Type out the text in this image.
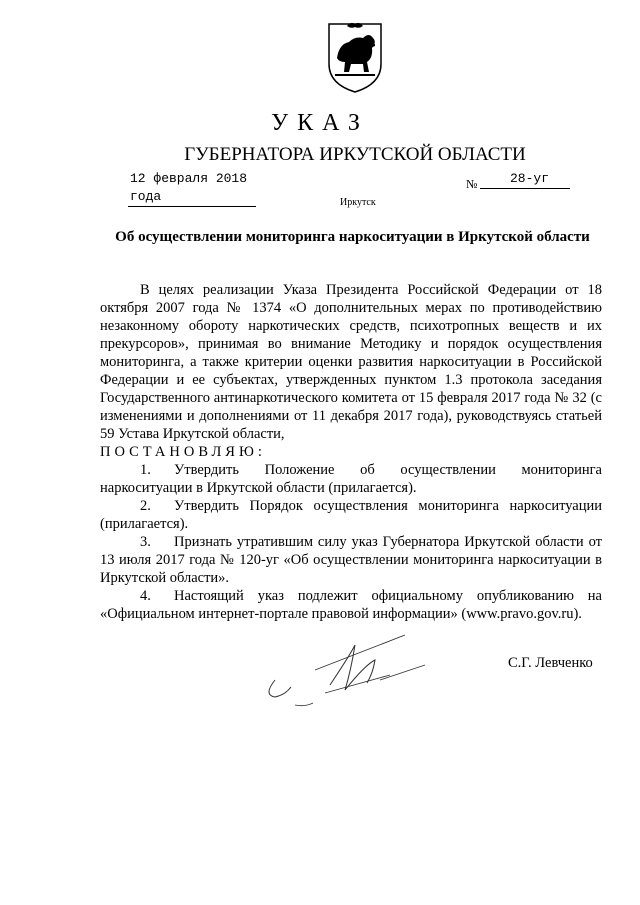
УКАЗ
ГУБЕРНАТОРА ИРКУТСКОЙ ОБЛАСТИ
12 февраля 2018 года
№	28-уг
Иркутск
Об осуществлении мониторинга наркоситуации в Иркутской области

В целях реализации Указа Президента Российской Федерации от 18 октября 2007 года № 1374 «О дополнительных мерах по противодействию незаконному обороту наркотических средств, психотропных веществ и их прекурсоров», принимая во внимание Методику и порядок осуществления мониторинга, а также критерии оценки развития наркоситуации в Российской Федерации и ее субъектах, утвержденных пунктом 1.3 протокола заседания Государственного антинаркотического комитета от 15 февраля 2017 года № 32 (с изменениями и дополнениями от 11 декабря 2017 года), руководствуясь статьей 59 Устава Иркутской области,

ПОСТАНОВЛЯЮ:

1. Утвердить Положение об осуществлении мониторинга наркоситуации в Иркутской области (прилагается).

2. Утвердить Порядок осуществления мониторинга наркоситуации (прилагается).

3. Признать утратившим силу указ Губернатора Иркутской области от 13 июля 2017 года № 120-уг «Об осуществлении мониторинга наркоситуации в Иркутской области».

4. Настоящий указ подлежит официальному опубликованию на «Официальном интернет-портале правовой информации» (www.pravo.gov.ru).

С.Г. Левченко
